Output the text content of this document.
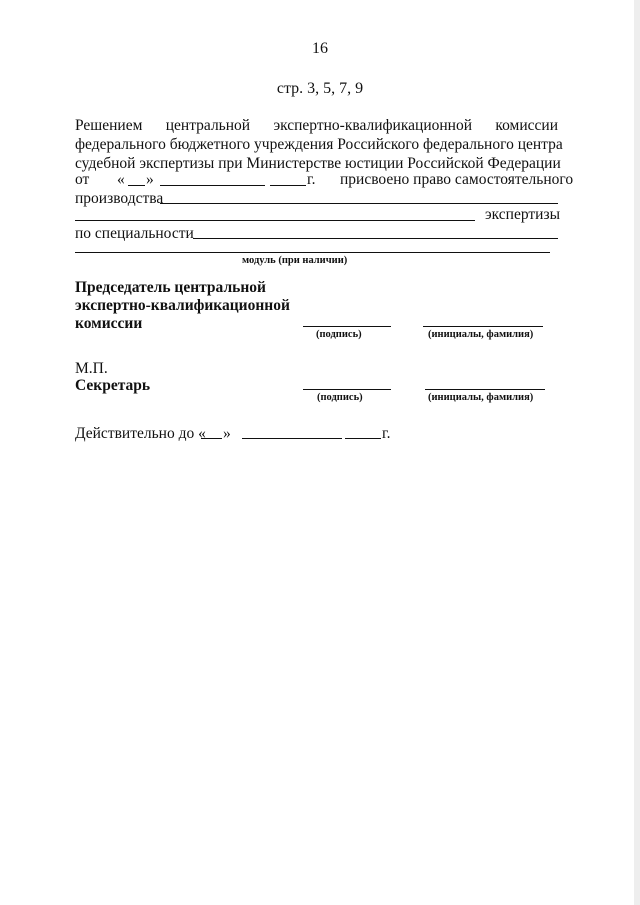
16
стр. 3, 5, 7, 9
Решением центральной экспертно-квалификационной комиссии
федерального бюджетного учреждения Российского федерального центра
судебной экспертизы при Министерстве юстиции Российской Федерации
от « »	г. присвоено право самостоятельного
производства
экспертизы
по специальности
модуль (при наличии)
Председатель центральной
экспертно-квалификационной
комиссии
(подпись)	(инициалы, фамилия)
М.П.
Секретарь
(подпись)	(инициалы, фамилия)
Действительно до « »	г.
